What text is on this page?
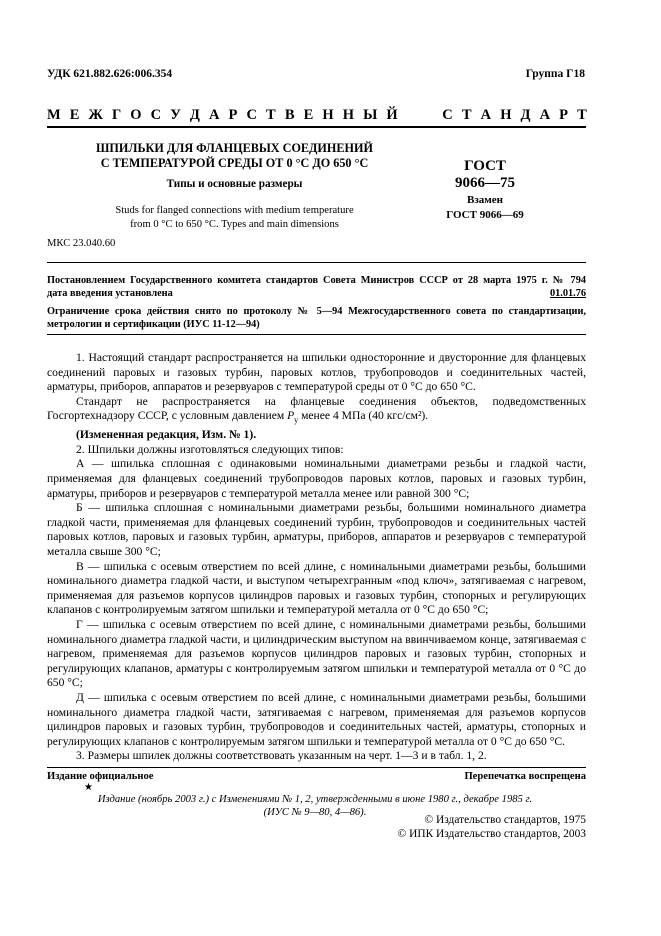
УДК 621.882.626:006.354	Группа Г18
М Е Ж Г О С У Д А Р С Т В Е Н Н Ы Й     С Т А Н Д А Р Т
ШПИЛЬКИ ДЛЯ ФЛАНЦЕВЫХ СОЕДИНЕНИЙ
С ТЕМПЕРАТУРОЙ СРЕДЫ ОТ 0 °С ДО 650 °С
Типы и основные размеры
Studs for flanged connections with medium temperature
from 0 °C to 650 °C. Types and main dimensions
ГОСТ
9066—75
Взамен
ГОСТ 9066—69
МКС 23.040.60
Постановлением Государственного комитета стандартов Совета Министров СССР от 28 марта 1975 г. № 794
дата введения установлена	01.01.76
Ограничение срока действия снято по протоколу № 5—94 Межгосударственного совета по стандартизации,
метрологии и сертификации (ИУС 11-12—94)

1. Настоящий стандарт распространяется на шпильки односторонние и двусторонние для фланцевых соединений паровых и газовых турбин, паровых котлов, трубопроводов и соединительных частей, арматуры, приборов, аппаратов и резервуаров с температурой среды от 0 °С до 650 °С.

Стандарт не распространяется на фланцевые соединения объектов, подведомственных Госгортехнадзору СССР, с условным давлением $P_y$ менее 4 МПа (40 кгс/см²).

(Измененная редакция, Изм. № 1).

2. Шпильки должны изготовляться следующих типов:

А — шпилька сплошная с одинаковыми номинальными диаметрами резьбы и гладкой части, применяемая для фланцевых соединений трубопроводов паровых котлов, паровых и газовых турбин, арматуры, приборов и резервуаров с температурой металла менее или равной 300 °С;

Б — шпилька сплошная с номинальными диаметрами резьбы, большими номинального диаметра гладкой части, применяемая для фланцевых соединений турбин, трубопроводов и соединительных частей паровых котлов, паровых и газовых турбин, арматуры, приборов, аппаратов и резервуаров с температурой металла свыше 300 °С;

В — шпилька с осевым отверстием по всей длине, с номинальными диаметрами резьбы, большими номинального диаметра гладкой части, и выступом четырехгранным «под ключ», затягиваемая с нагревом, применяемая для разъемов корпусов цилиндров паровых и газовых турбин, стопорных и регулирующих клапанов с контролируемым затягом шпильки и температурой металла от 0 °С до 650 °С;

Г — шпилька с осевым отверстием по всей длине, с номинальными диаметрами резьбы, большими номинального диаметра гладкой части, и цилиндрическим выступом на ввинчиваемом конце, затягиваемая с нагревом, применяемая для разъемов корпусов цилиндров паровых и газовых турбин, стопорных и регулирующих клапанов, арматуры с контролируемым затягом шпильки и температурой металла от 0 °С до 650 °С;

Д — шпилька с осевым отверстием по всей длине, с номинальными диаметрами резьбы, большими номинального диаметра гладкой части, затягиваемая с нагревом, применяемая для разъемов корпусов цилиндров паровых и газовых турбин, трубопроводов и соединительных частей, арматуры, стопорных и регулирующих клапанов с контролируемым затягом шпильки и температурой металла от 0 °С до 650 °С.

3. Размеры шпилек должны соответствовать указанным на черт. 1—3 и в табл. 1, 2.

Издание официальное
★
Перепечатка воспрещена
Издание (ноябрь 2003 г.) с Изменениями № 1, 2, утвержденными в июне 1980 г., декабре 1985 г.
(ИУС № 9—80, 4—86).
© Издательство стандартов, 1975
© ИПК Издательство стандартов, 2003
